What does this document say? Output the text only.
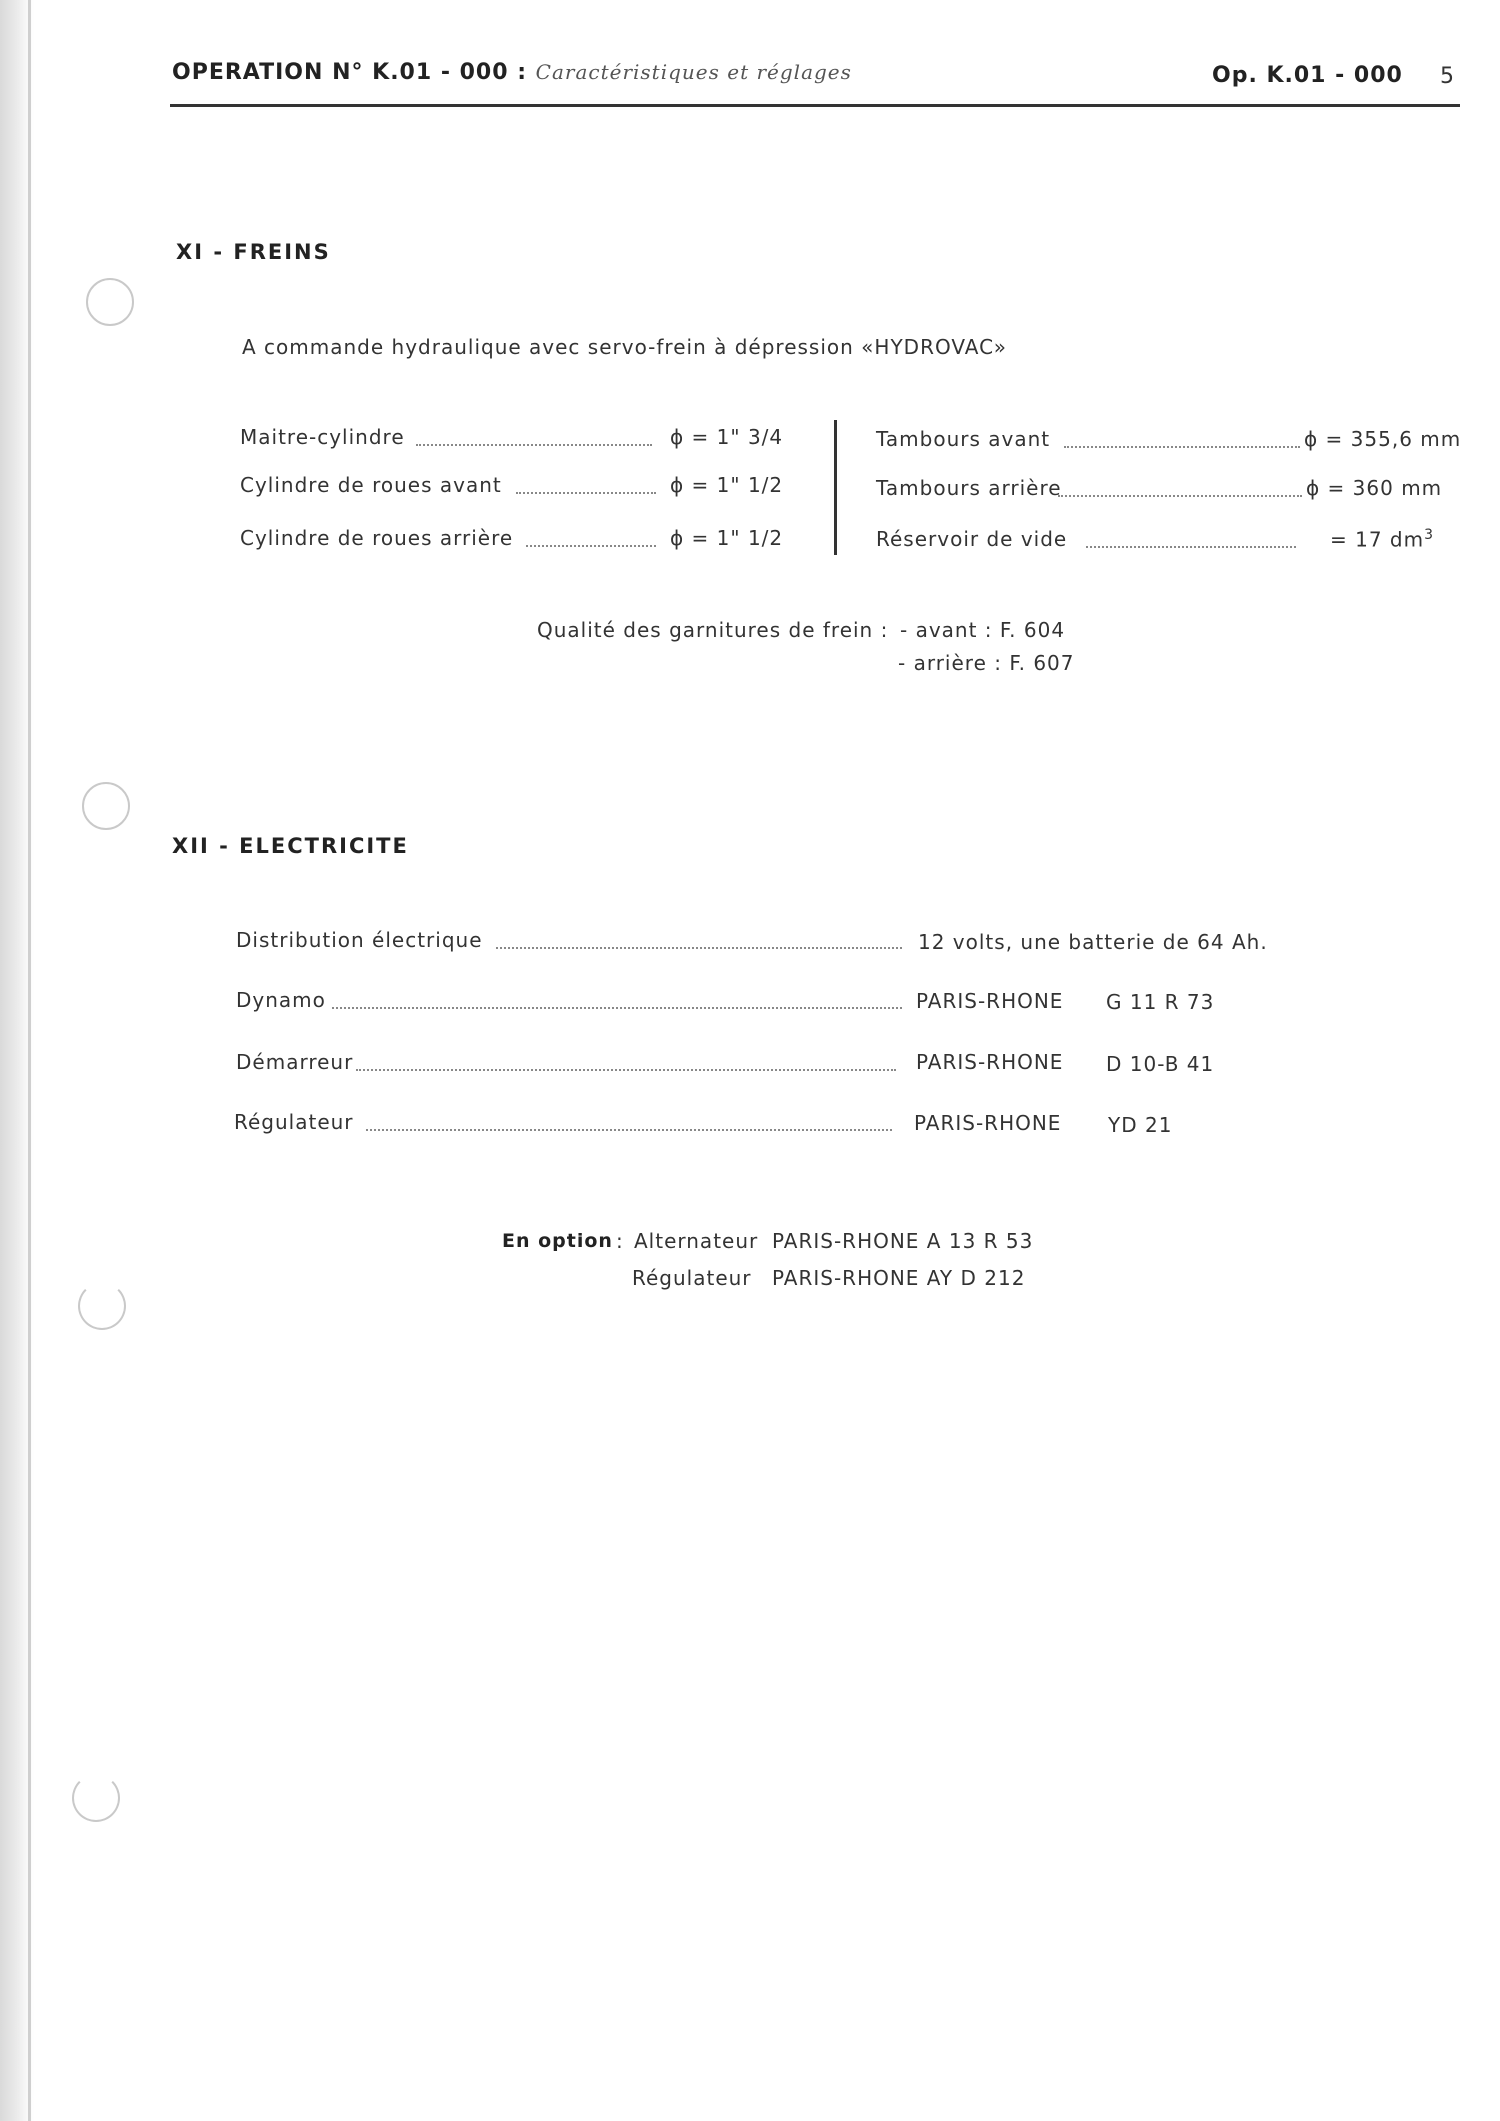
OPERATION N° K.01 - 000 : Caractéristiques et réglages	Op. K.01 - 000 5
XI - FREINS
A commande hydraulique avec servo-frein à dépression «HYDROVAC»
Maitre-cylindre	ϕ = 1" 3/4
Cylindre de roues avant	ϕ = 1" 1/2
Cylindre de roues arrière	ϕ = 1" 1/2
Tambours avant	ϕ = 355,6 mm
Tambours arrière	ϕ = 360 mm
Réservoir de vide	= 17 $dm^3$
Qualité des garnitures de frein : - avant : F. 604
- arrière : F. 607
XII - ELECTRICITE
Distribution électrique	12 volts, une batterie de 64 Ah.
Dynamo	PARIS-RHONE G 11 R 73
Démarreur	PARIS-RHONE D 10-B 41
Régulateur	PARIS-RHONE YD 21
En option : Alternateur PARIS-RHONE A 13 R 53
Régulateur PARIS-RHONE AY D 212
